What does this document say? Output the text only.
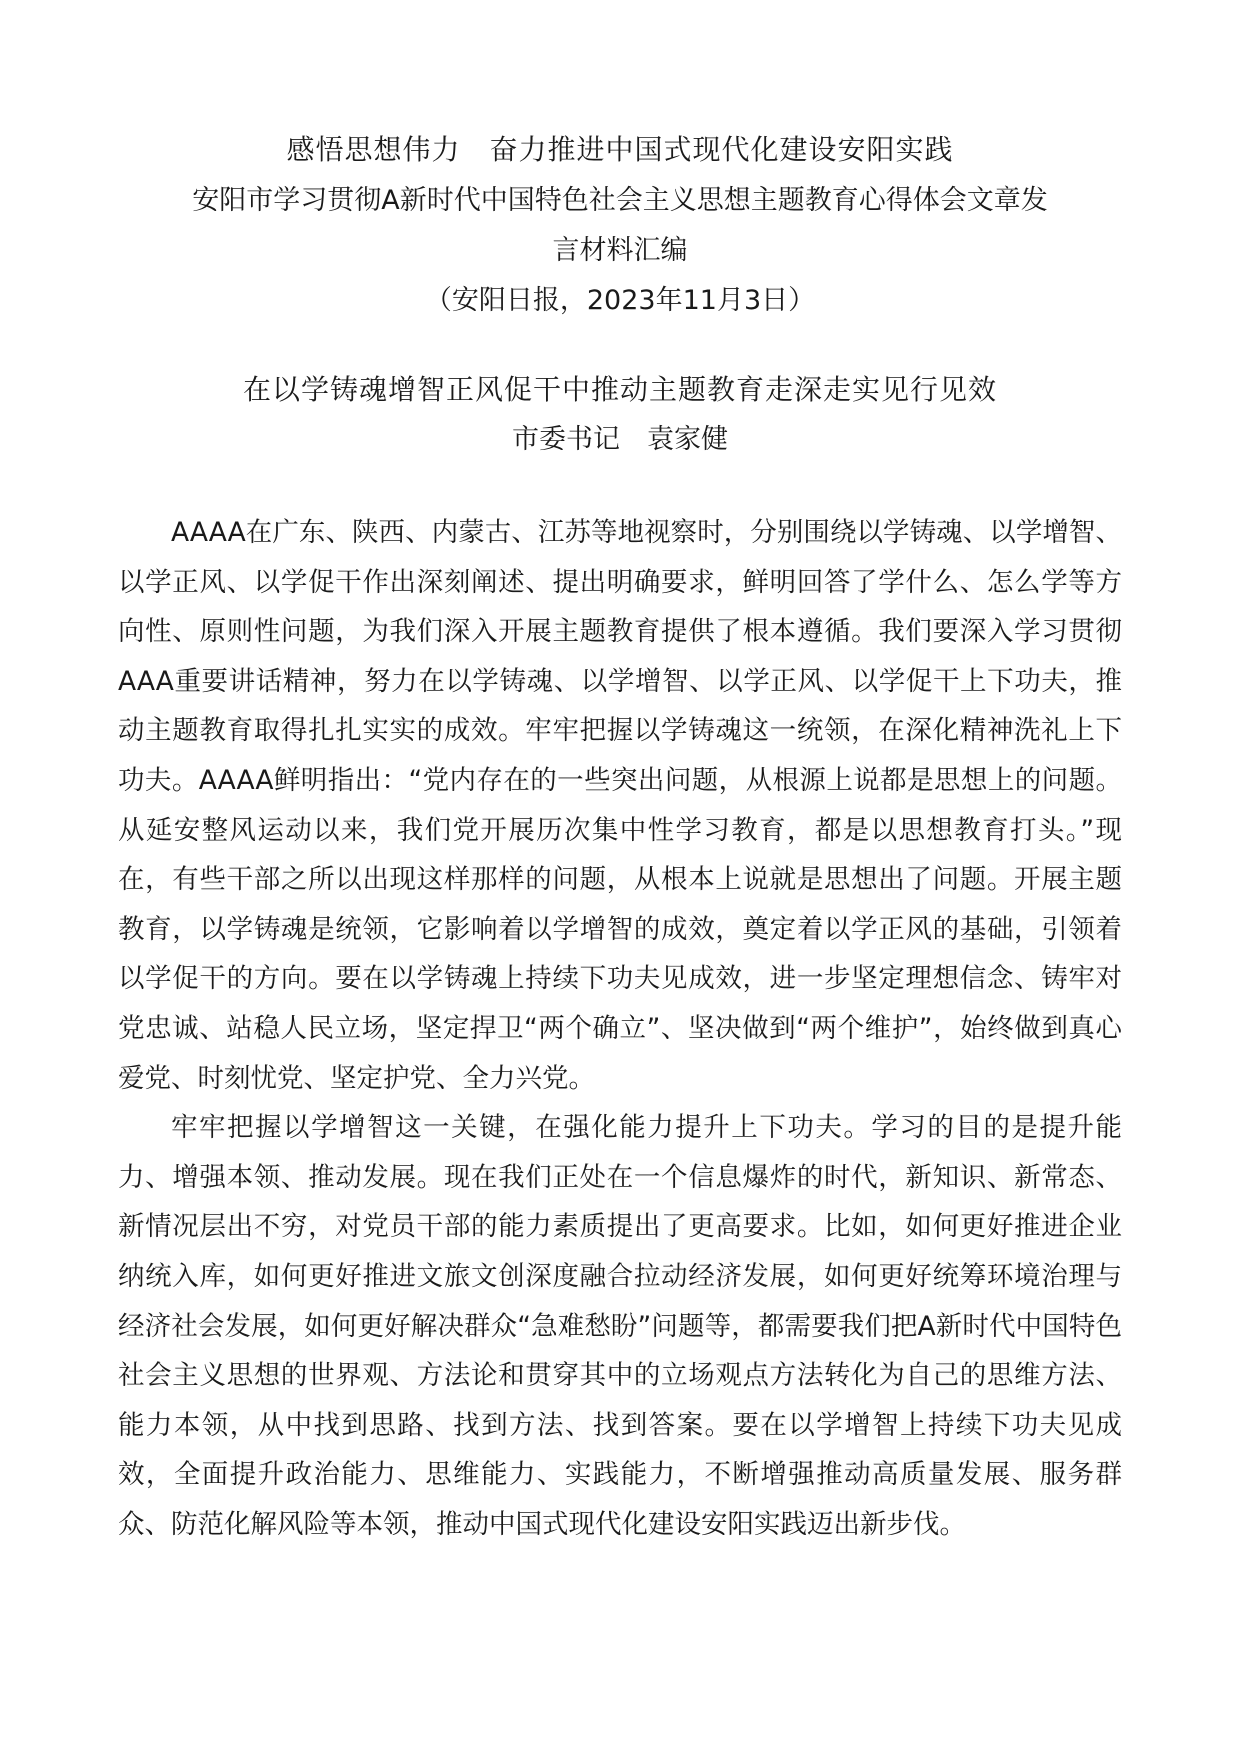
感悟思想伟力　奋力推进中国式现代化建设安阳实践
安阳市学习贯彻A新时代中国特色社会主义思想主题教育心得体会文章发
言材料汇编
（安阳日报，2023年11月3日）
在以学铸魂增智正风促干中推动主题教育走深走实见行见效
市委书记　袁家健

AAAA在广东、陕西、内蒙古、江苏等地视察时，分别围绕以学铸魂、以学增智、以学正风、以学促干作出深刻阐述、提出明确要求，鲜明回答了学什么、怎么学等方向性、原则性问题，为我们深入开展主题教育提供了根本遵循。我们要深入学习贯彻AAA重要讲话精神，努力在以学铸魂、以学增智、以学正风、以学促干上下功夫，推动主题教育取得扎扎实实的成效。牢牢把握以学铸魂这一统领，在深化精神洗礼上下功夫。AAAA鲜明指出：“党内存在的一些突出问题，从根源上说都是思想上的问题。从延安整风运动以来，我们党开展历次集中性学习教育，都是以思想教育打头。”现在，有些干部之所以出现这样那样的问题，从根本上说就是思想出了问题。开展主题教育，以学铸魂是统领，它影响着以学增智的成效，奠定着以学正风的基础，引领着以学促干的方向。要在以学铸魂上持续下功夫见成效，进一步坚定理想信念、铸牢对党忠诚、站稳人民立场，坚定捍卫“两个确立”、坚决做到“两个维护”，始终做到真心爱党、时刻忧党、坚定护党、全力兴党。

牢牢把握以学增智这一关键，在强化能力提升上下功夫。学习的目的是提升能力、增强本领、推动发展。现在我们正处在一个信息爆炸的时代，新知识、新常态、新情况层出不穷，对党员干部的能力素质提出了更高要求。比如，如何更好推进企业纳统入库，如何更好推进文旅文创深度融合拉动经济发展，如何更好统筹环境治理与经济社会发展，如何更好解决群众“急难愁盼”问题等，都需要我们把A新时代中国特色社会主义思想的世界观、方法论和贯穿其中的立场观点方法转化为自己的思维方法、能力本领，从中找到思路、找到方法、找到答案。要在以学增智上持续下功夫见成效，全面提升政治能力、思维能力、实践能力，不断增强推动高质量发展、服务群众、防范化解风险等本领，推动中国式现代化建设安阳实践迈出新步伐。
